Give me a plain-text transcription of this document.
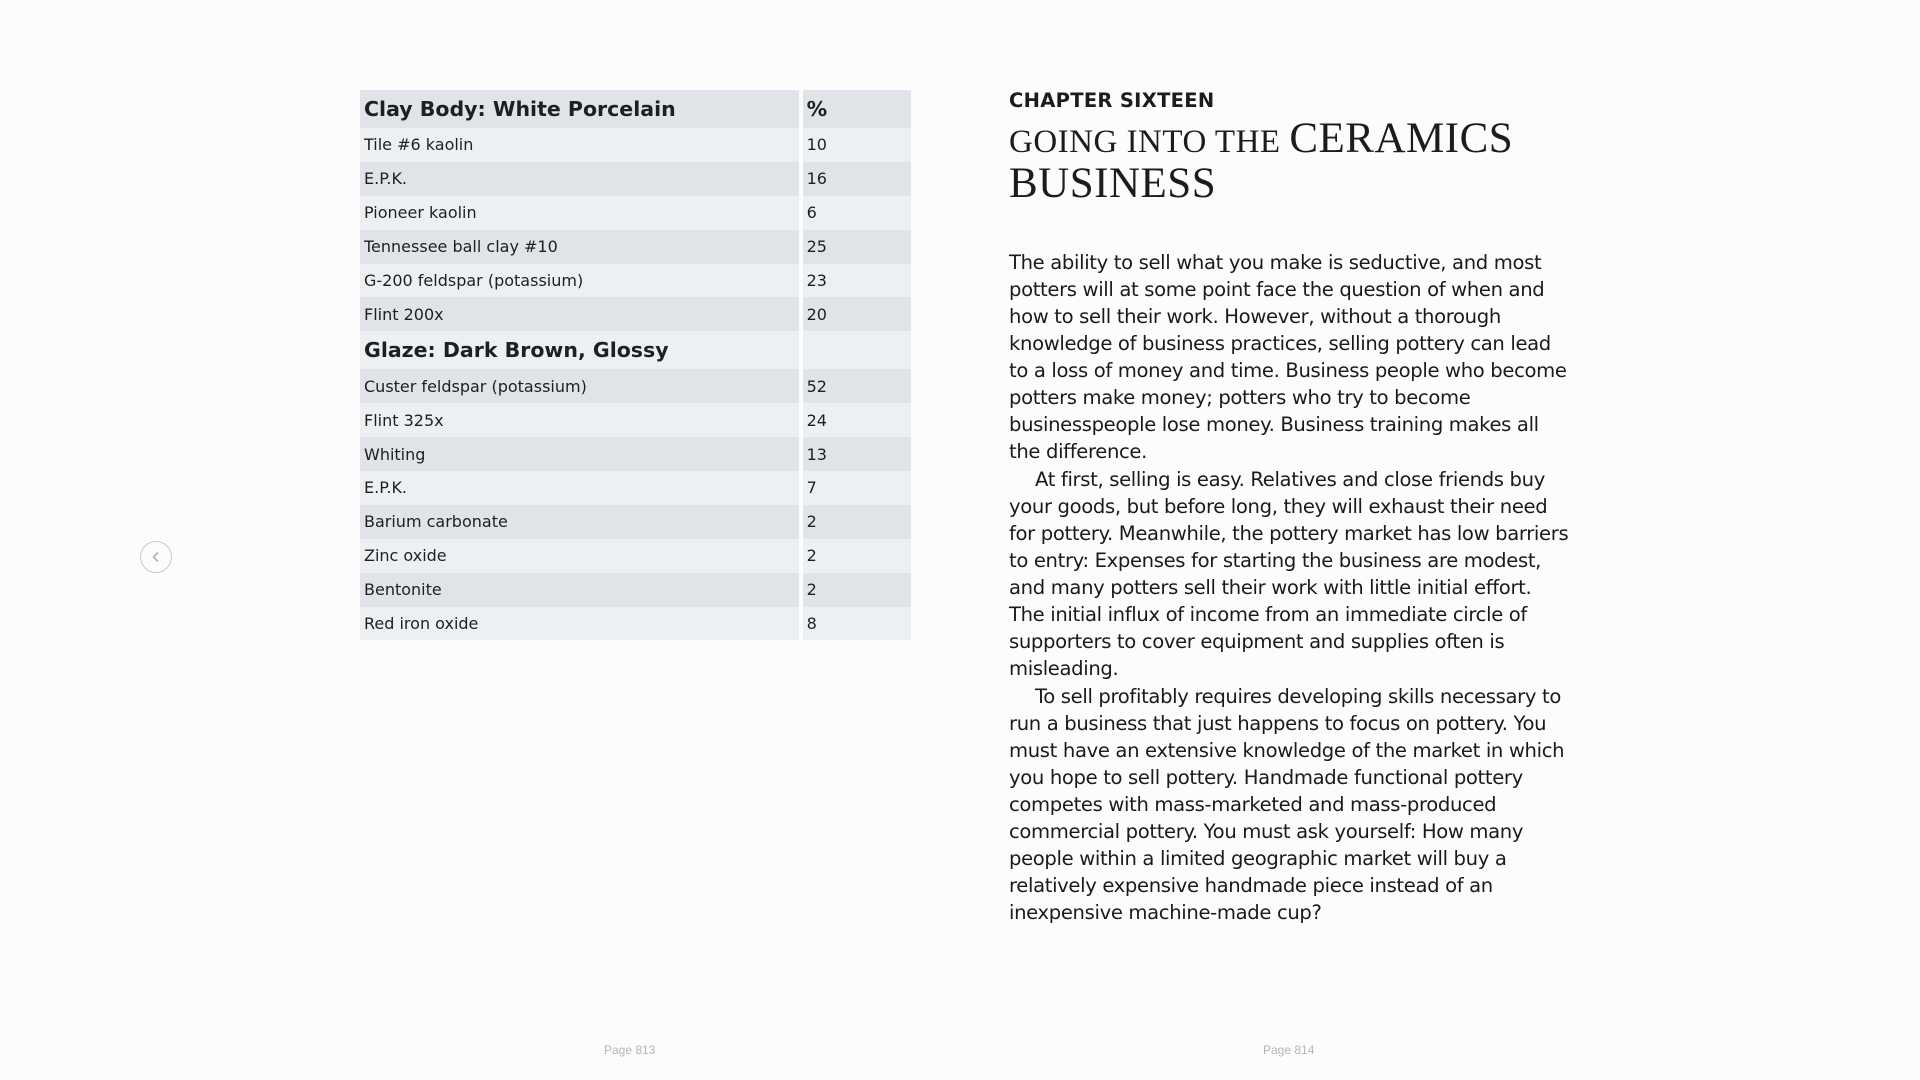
Clay Body: White Porcelain	%
Tile #6 kaolin	10
E.P.K.	16
Pioneer kaolin	6
Tennessee ball clay #10	25
G-200 feldspar (potassium)	23
Flint 200x	20
Glaze: Dark Brown, Glossy	
Custer feldspar (potassium)	52
Flint 325x	24
Whiting	13
E.P.K.	7
Barium carbonate	2
Zinc oxide	2
Bentonite	2
Red iron oxide	8
CHAPTER SIXTEEN
GOING INTO THE CERAMICS
BUSINESS

The ability to sell what you make is seductive, and most potters will at some point face the question of when and how to sell their work. However, without a thorough knowledge of business practices, selling pottery can lead to a loss of money and time. Business people who become potters make money; potters who try to become businesspeople lose money. Business training makes all the difference.

At first, selling is easy. Relatives and close friends buy your goods, but before long, they will exhaust their need for pottery. Meanwhile, the pottery market has low barriers to entry: Expenses for starting the business are modest, and many potters sell their work with little initial effort. The initial influx of income from an immediate circle of supporters to cover equipment and supplies often is misleading.

To sell profitably requires developing skills necessary to run a business that just happens to focus on pottery. You must have an extensive knowledge of the market in which you hope to sell pottery. Handmade functional pottery competes with mass-marketed and mass-produced commercial pottery. You must ask yourself: How many people within a limited geographic market will buy a relatively expensive handmade piece instead of an inexpensive machine-made cup?

Page 813	Page 814
